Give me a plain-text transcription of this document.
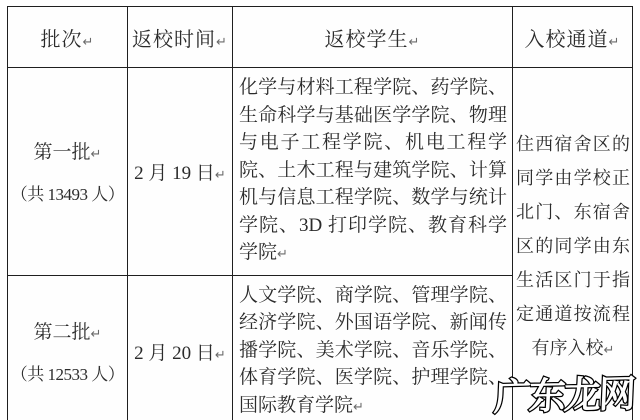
批次↵	返校时间↵	返校学生↵	入校通道↵

第一批↵
（共 13493 人）	2 月 19 日↵	化学与材料工程学院、药学院、生命科学与基础医学学院、物理与电子工程学院、机电工程学院、土木工程与建筑学院、计算机与信息工程学院、数学与统计学院、3D 打印学院、教育科学学院↵	住西宿舍区的同学由学校正北门、东宿舍区的同学由东生活区门于指定通道按流程有序入校↵

第二批↵
（共 12533 人）	2 月 20 日↵	人文学院、商学院、管理学院、经济学院、外国语学院、新闻传播学院、美术学院、音乐学院、体育学院、医学院、护理学院、国际教育学院↵		广东龙网
